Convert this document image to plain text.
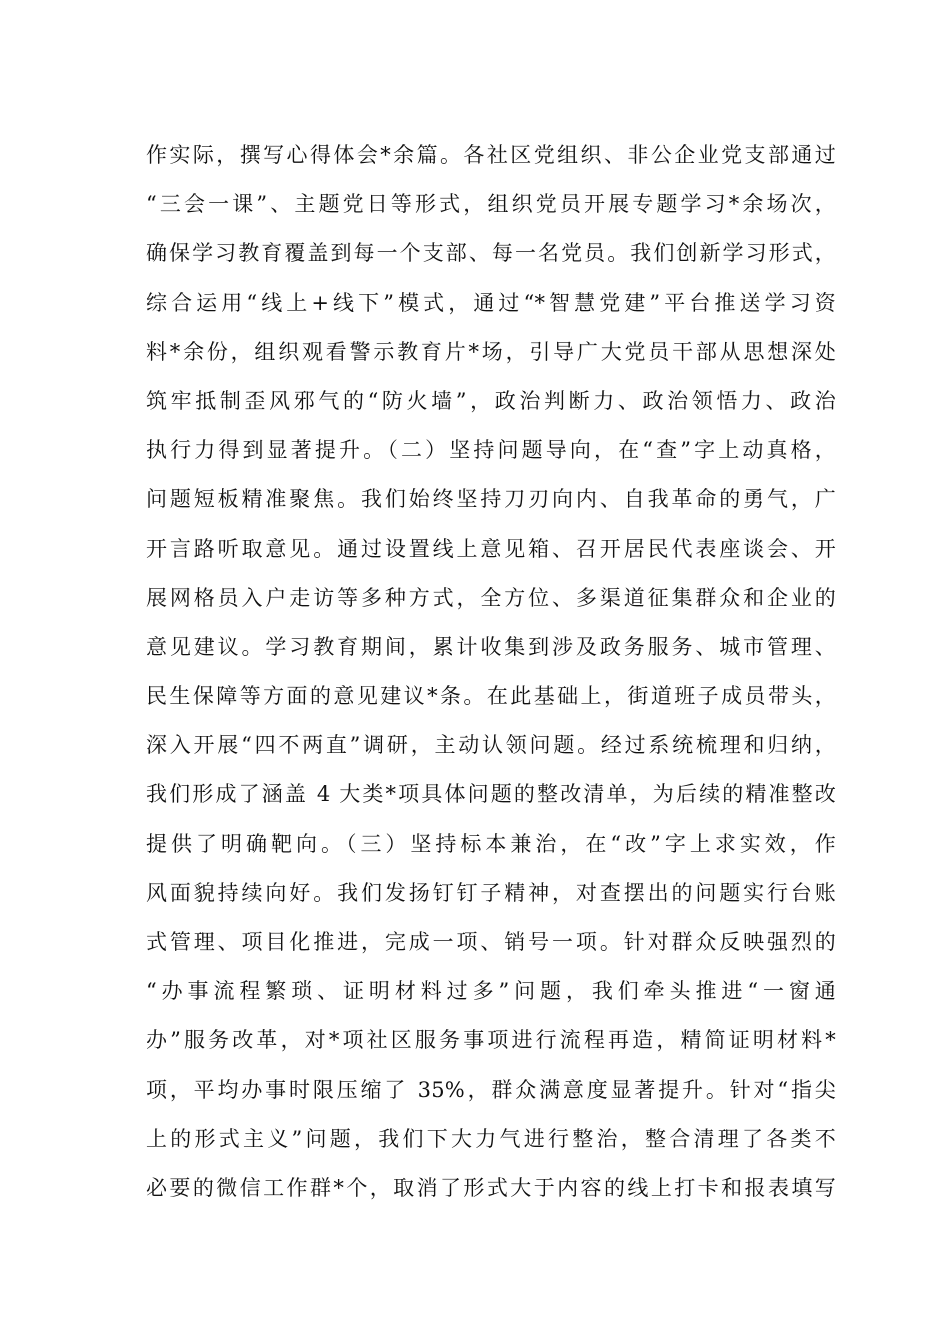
作实际，撰写心得体会*余篇。各社区党组织、非公企业党支部通过
“三会一课”、主题党日等形式，组织党员开展专题学习*余场次，
确保学习教育覆盖到每一个支部、每一名党员。我们创新学习形式，
综合运用“线上+线下”模式，通过“*智慧党建”平台推送学习资
料*余份，组织观看警示教育片*场，引导广大党员干部从思想深处
筑牢抵制歪风邪气的“防火墙”，政治判断力、政治领悟力、政治
执行力得到显著提升。（二）坚持问题导向，在“查”字上动真格，
问题短板精准聚焦。我们始终坚持刀刃向内、自我革命的勇气，广
开言路听取意见。通过设置线上意见箱、召开居民代表座谈会、开
展网格员入户走访等多种方式，全方位、多渠道征集群众和企业的
意见建议。学习教育期间，累计收集到涉及政务服务、城市管理、
民生保障等方面的意见建议*条。在此基础上，街道班子成员带头，
深入开展“四不两直”调研，主动认领问题。经过系统梳理和归纳，
我们形成了涵盖 4 大类*项具体问题的整改清单，为后续的精准整改
提供了明确靶向。（三）坚持标本兼治，在“改”字上求实效，作
风面貌持续向好。我们发扬钉钉子精神，对查摆出的问题实行台账
式管理、项目化推进，完成一项、销号一项。针对群众反映强烈的
“办事流程繁琐、证明材料过多”问题，我们牵头推进“一窗通
办”服务改革，对*项社区服务事项进行流程再造，精简证明材料*
项，平均办事时限压缩了 35%，群众满意度显著提升。针对“指尖
上的形式主义”问题，我们下大力气进行整治，整合清理了各类不
必要的微信工作群*个，取消了形式大于内容的线上打卡和报表填写
